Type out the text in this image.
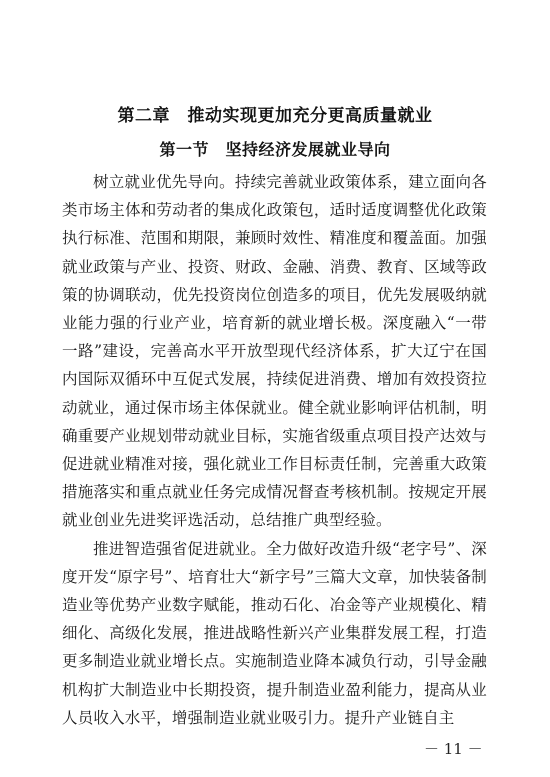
第二章　推动实现更加充分更高质量就业
第一节　坚持经济发展就业导向

树立就业优先导向。持续完善就业政策体系，建立面向各类市场主体和劳动者的集成化政策包，适时适度调整优化政策执行标准、范围和期限，兼顾时效性、精准度和覆盖面。加强就业政策与产业、投资、财政、金融、消费、教育、区域等政策的协调联动，优先投资岗位创造多的项目，优先发展吸纳就业能力强的行业产业，培育新的就业增长极。深度融入“一带一路”建设，完善高水平开放型现代经济体系，扩大辽宁在国内国际双循环中互促式发展，持续促进消费、增加有效投资拉动就业，通过保市场主体保就业。健全就业影响评估机制，明确重要产业规划带动就业目标，实施省级重点项目投产达效与促进就业精准对接，强化就业工作目标责任制，完善重大政策措施落实和重点就业任务完成情况督查考核机制。按规定开展就业创业先进奖评选活动，总结推广典型经验。

推进智造强省促进就业。全力做好改造升级“老字号”、深度开发“原字号”、培育壮大“新字号”三篇大文章，加快装备制造业等优势产业数字赋能，推动石化、冶金等产业规模化、精细化、高级化发展，推进战略性新兴产业集群发展工程，打造更多制造业就业增长点。实施制造业降本减负行动，引导金融机构扩大制造业中长期投资，提升制造业盈利能力，提高从业人员收入水平，增强制造业就业吸引力。提升产业链自主

－ 11 －
